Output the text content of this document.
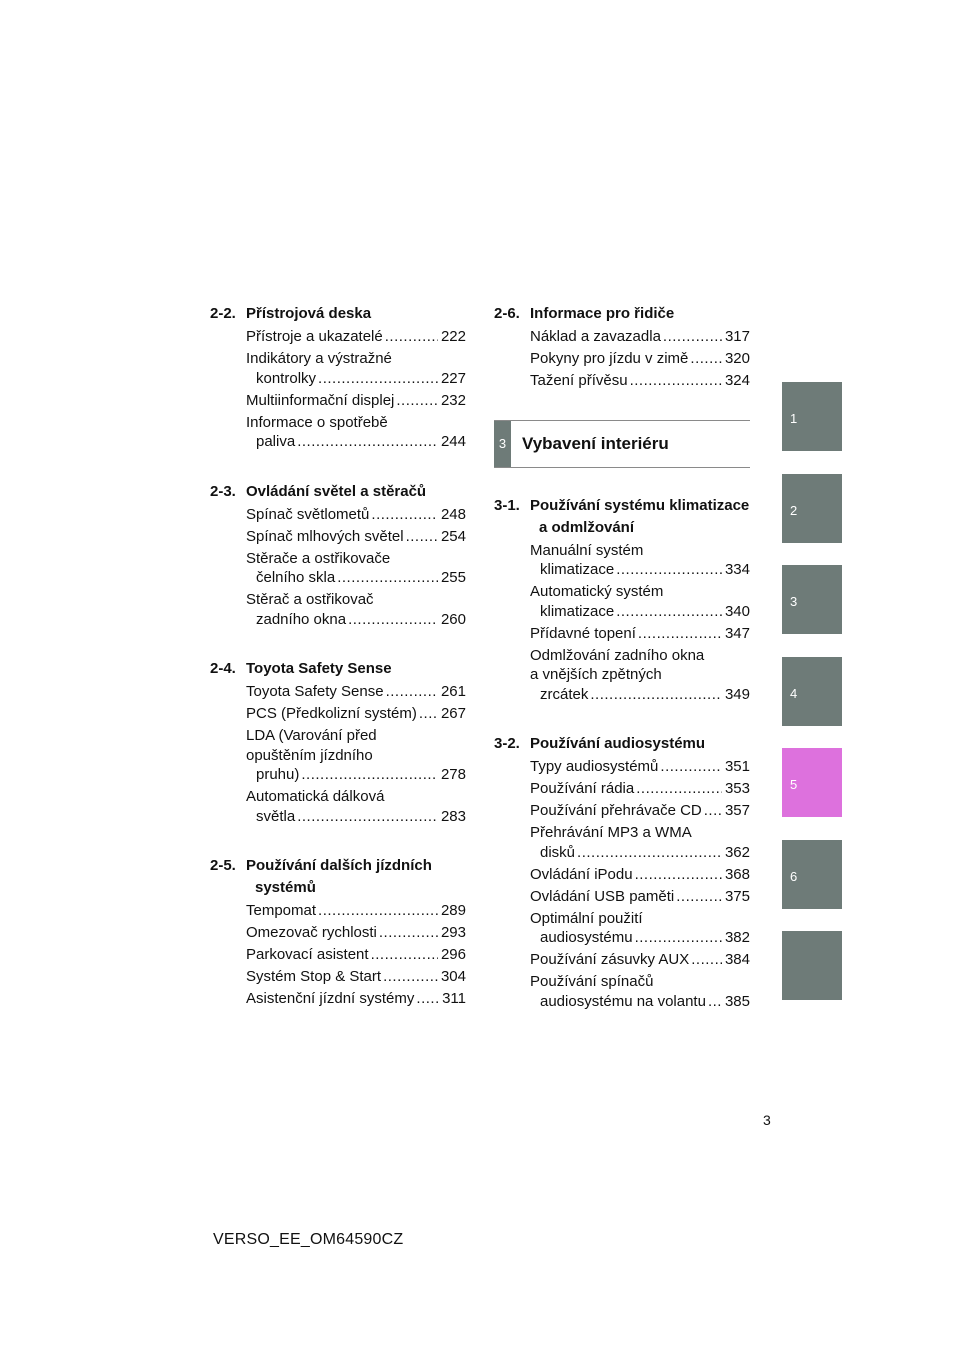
2-2. Přístrojová deska
Přístroje a ukazatelé .....	222
Indikátory a výstražné
kontrolky .....	227
Multiinformační displej .....	232
Informace o spotřebě
paliva .....	244
2-3. Ovládání světel a stěračů
Spínač světlometů .....	248
Spínač mlhových světel ..... 254
Stěrače a ostřikovače
čelního skla .....	255
Stěrač a ostřikovač
zadního okna .....	260
2-4. Toyota Safety Sense
Toyota Safety Sense .....	261
PCS (Předkolizní systém) ..... 267
LDA (Varování před
opuštěním jízdního
pruhu) .....	278
Automatická dálková
světla .....	283
2-5. Používání dalších jízdních systémů
Tempomat .....	289
Omezovač rychlosti .....	293
Parkovací asistent .....	296
Systém Stop & Start .....	304
Asistenční jízdní systémy ..... 311
2-6. Informace pro řidiče
Náklad a zavazadla .....	317
Pokyny pro jízdu v zimě ..... 320
Tažení přívěsu .....	324
3 Vybavení interiéru
3-1. Používání systému klimatizace a odmlžování
Manuální systém
klimatizace .....	334
Automatický systém
klimatizace .....	340
Přídavné topení .....	347
Odmlžování zadního okna
a vnějších zpětných
zrcátek .....	349
3-2. Používání audiosystému
Typy audiosystémů .....	351
Používání rádia .....	353
Používání přehrávače CD ..... 357
Přehrávání MP3 a WMA
disků .....	362
Ovládání iPodu .....	368
Ovládání USB paměti .....	375
Optimální použití
audiosystému .....	382
Používání zásuvky AUX ..... 384
Používání spínačů
audiosystému na volantu ..... 385
1
2
3
4
5
6
3
VERSO_EE_OM64590CZ
